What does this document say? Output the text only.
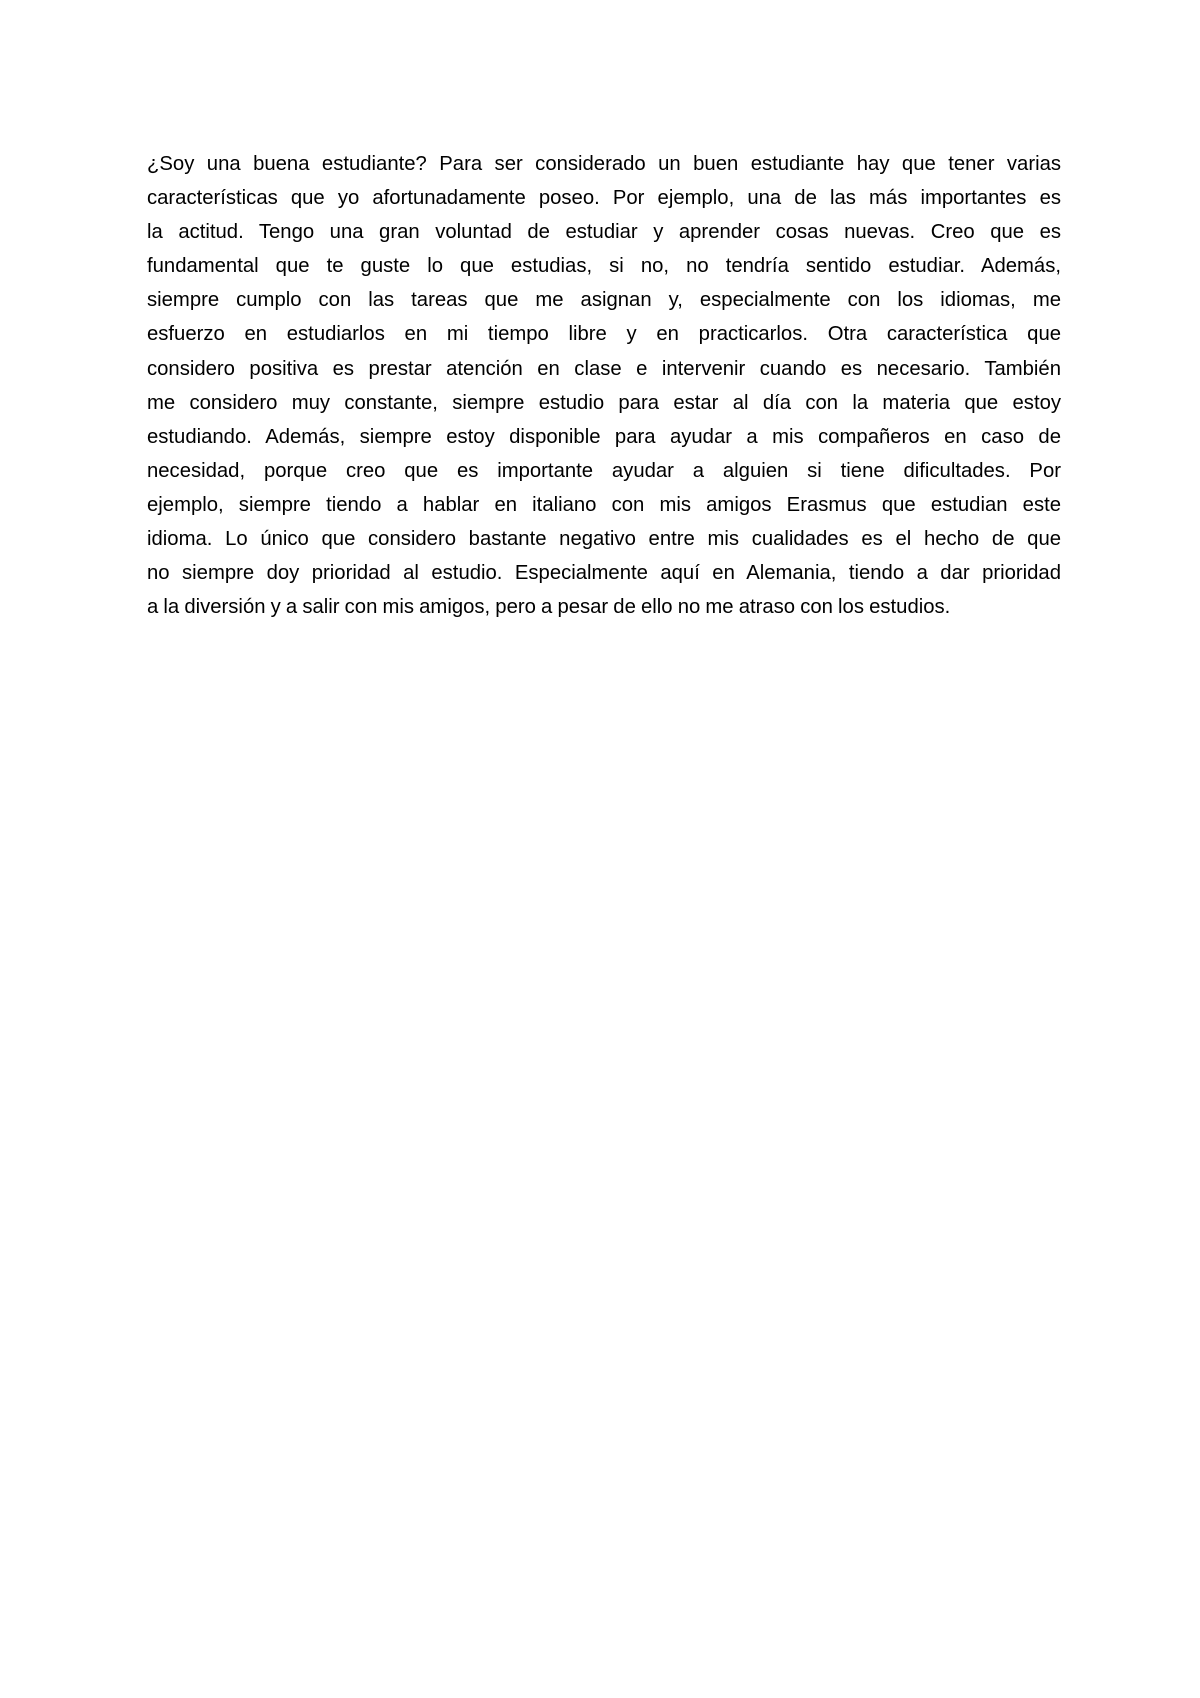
¿Soy una buena estudiante? Para ser considerado un buen estudiante hay que tener varias
características que yo afortunadamente poseo. Por ejemplo, una de las más importantes es
la actitud. Tengo una gran voluntad de estudiar y aprender cosas nuevas. Creo que es
fundamental que te guste lo que estudias, si no, no tendría sentido estudiar. Además,
siempre cumplo con las tareas que me asignan y, especialmente con los idiomas, me
esfuerzo en estudiarlos en mi tiempo libre y en practicarlos. Otra característica que
considero positiva es prestar atención en clase e intervenir cuando es necesario. También
me considero muy constante, siempre estudio para estar al día con la materia que estoy
estudiando. Además, siempre estoy disponible para ayudar a mis compañeros en caso de
necesidad, porque creo que es importante ayudar a alguien si tiene dificultades. Por
ejemplo, siempre tiendo a hablar en italiano con mis amigos Erasmus que estudian este
idioma. Lo único que considero bastante negativo entre mis cualidades es el hecho de que
no siempre doy prioridad al estudio. Especialmente aquí en Alemania, tiendo a dar prioridad
a la diversión y a salir con mis amigos, pero a pesar de ello no me atraso con los estudios.
